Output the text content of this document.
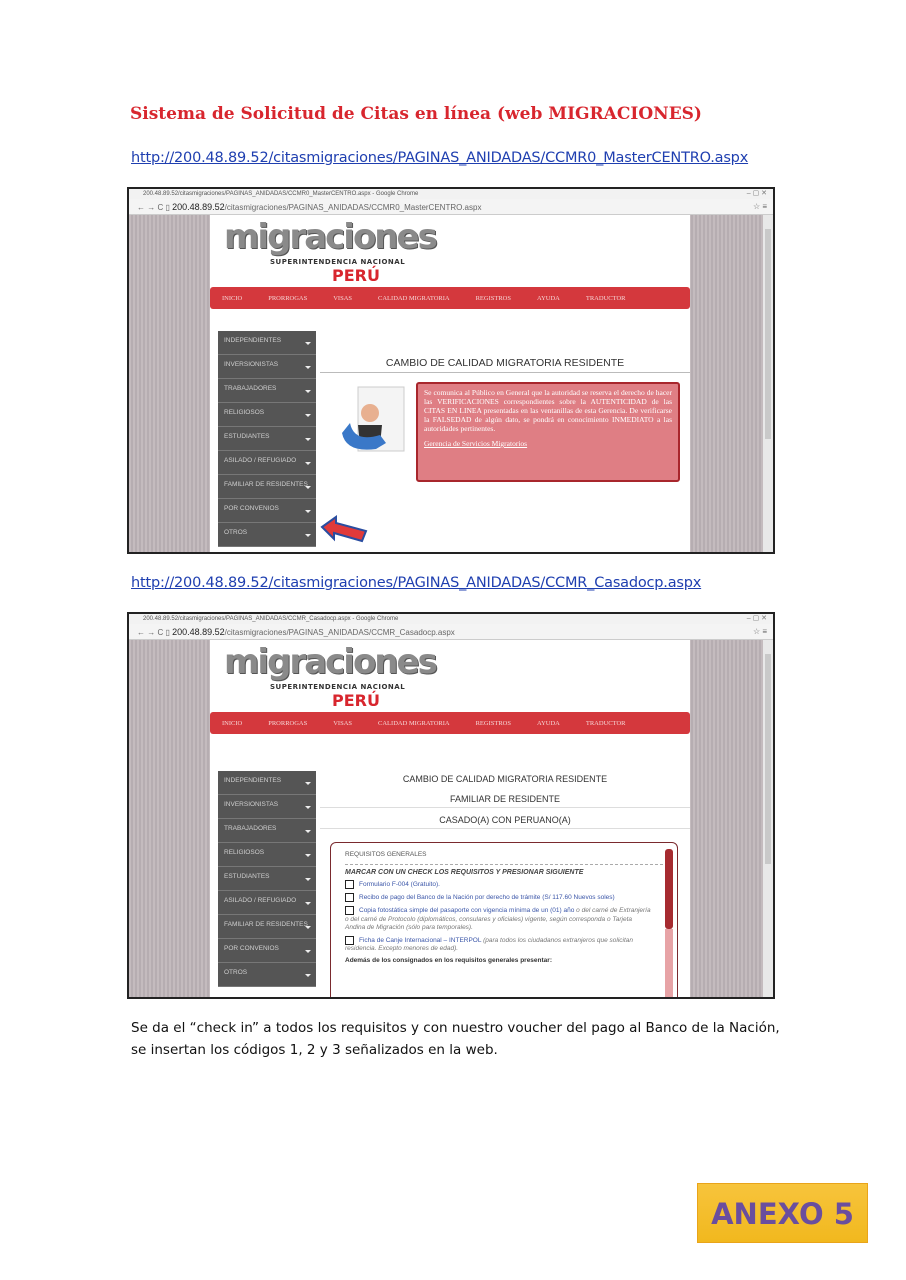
Sistema de Solicitud de Citas en línea (web MIGRACIONES)
http://200.48.89.52/citasmigraciones/PAGINAS_ANIDADAS/CCMR0_MasterCENTRO.aspx
200.48.89.52/citasmigraciones/PAGINAS_ANIDADAS/CCMR0_MasterCENTRO.aspx - Google Chrome	– ▢ ✕
← → C ▯ 200.48.89.52/citasmigraciones/PAGINAS_ANIDADAS/CCMR0_MasterCENTRO.aspx	☆ ≡
migraciones
SUPERINTENDENCIA NACIONAL
PERÚ
INICIO	PRORROGAS	VISAS	CALIDAD MIGRATORIA	REGISTROS	AYUDA	TRADUCTOR
INDEPENDIENTES
INVERSIONISTAS
TRABAJADORES
RELIGIOSOS
ESTUDIANTES
ASILADO / REFUGIADO
FAMILIAR DE RESIDENTES
POR CONVENIOS
OTROS
CAMBIO DE CALIDAD MIGRATORIA RESIDENTE
Se comunica al Público en General que la autoridad se reserva el derecho de hacer las VERIFICACIONES correspondientes sobre la AUTENTICIDAD de las CITAS EN LINEA presentadas en las ventanillas de esta Gerencia. De verificarse la FALSEDAD de algún dato, se pondrá en conocimiento INMEDIATO a las autoridades pertinentes.
Gerencia de Servicios Migratorios
http://200.48.89.52/citasmigraciones/PAGINAS_ANIDADAS/CCMR_Casadocp.aspx
200.48.89.52/citasmigraciones/PAGINAS_ANIDADAS/CCMR_Casadocp.aspx - Google Chrome	– ▢ ✕
← → C ▯ 200.48.89.52/citasmigraciones/PAGINAS_ANIDADAS/CCMR_Casadocp.aspx	☆ ≡
migraciones
SUPERINTENDENCIA NACIONAL
PERÚ
INICIO	PRORROGAS	VISAS	CALIDAD MIGRATORIA	REGISTROS	AYUDA	TRADUCTOR
INDEPENDIENTES
INVERSIONISTAS
TRABAJADORES
RELIGIOSOS
ESTUDIANTES
ASILADO / REFUGIADO
FAMILIAR DE RESIDENTES
POR CONVENIOS
OTROS
CAMBIO DE CALIDAD MIGRATORIA RESIDENTE
FAMILIAR DE RESIDENTE
CASADO(A) CON PERUANO(A)

REQUISITOS GENERALES

MARCAR CON UN CHECK LOS REQUISITOS Y PRESIONAR SIGUIENTE

Formulario F-004 (Gratuito).

Recibo de pago del Banco de la Nación por derecho de trámite (S/ 117.60 Nuevos soles)

Copia fotostática simple del pasaporte con vigencia mínima de un (01) año o del carné de Extranjería o del carné de Protocolo (diplomáticos, consulares y oficiales) vigente, según corresponda o Tarjeta Andina de Migración (sólo para temporales).

Ficha de Canje Internacional – INTERPOL (para todos los ciudadanos extranjeros que solicitan residencia. Excepto menores de edad).

Además de los consignados en los requisitos generales presentar:

Se da el “check in” a todos los requisitos y con nuestro voucher del pago al Banco de la Nación, se insertan los códigos 1, 2 y 3 señalizados en la web.
ANEXO 5
